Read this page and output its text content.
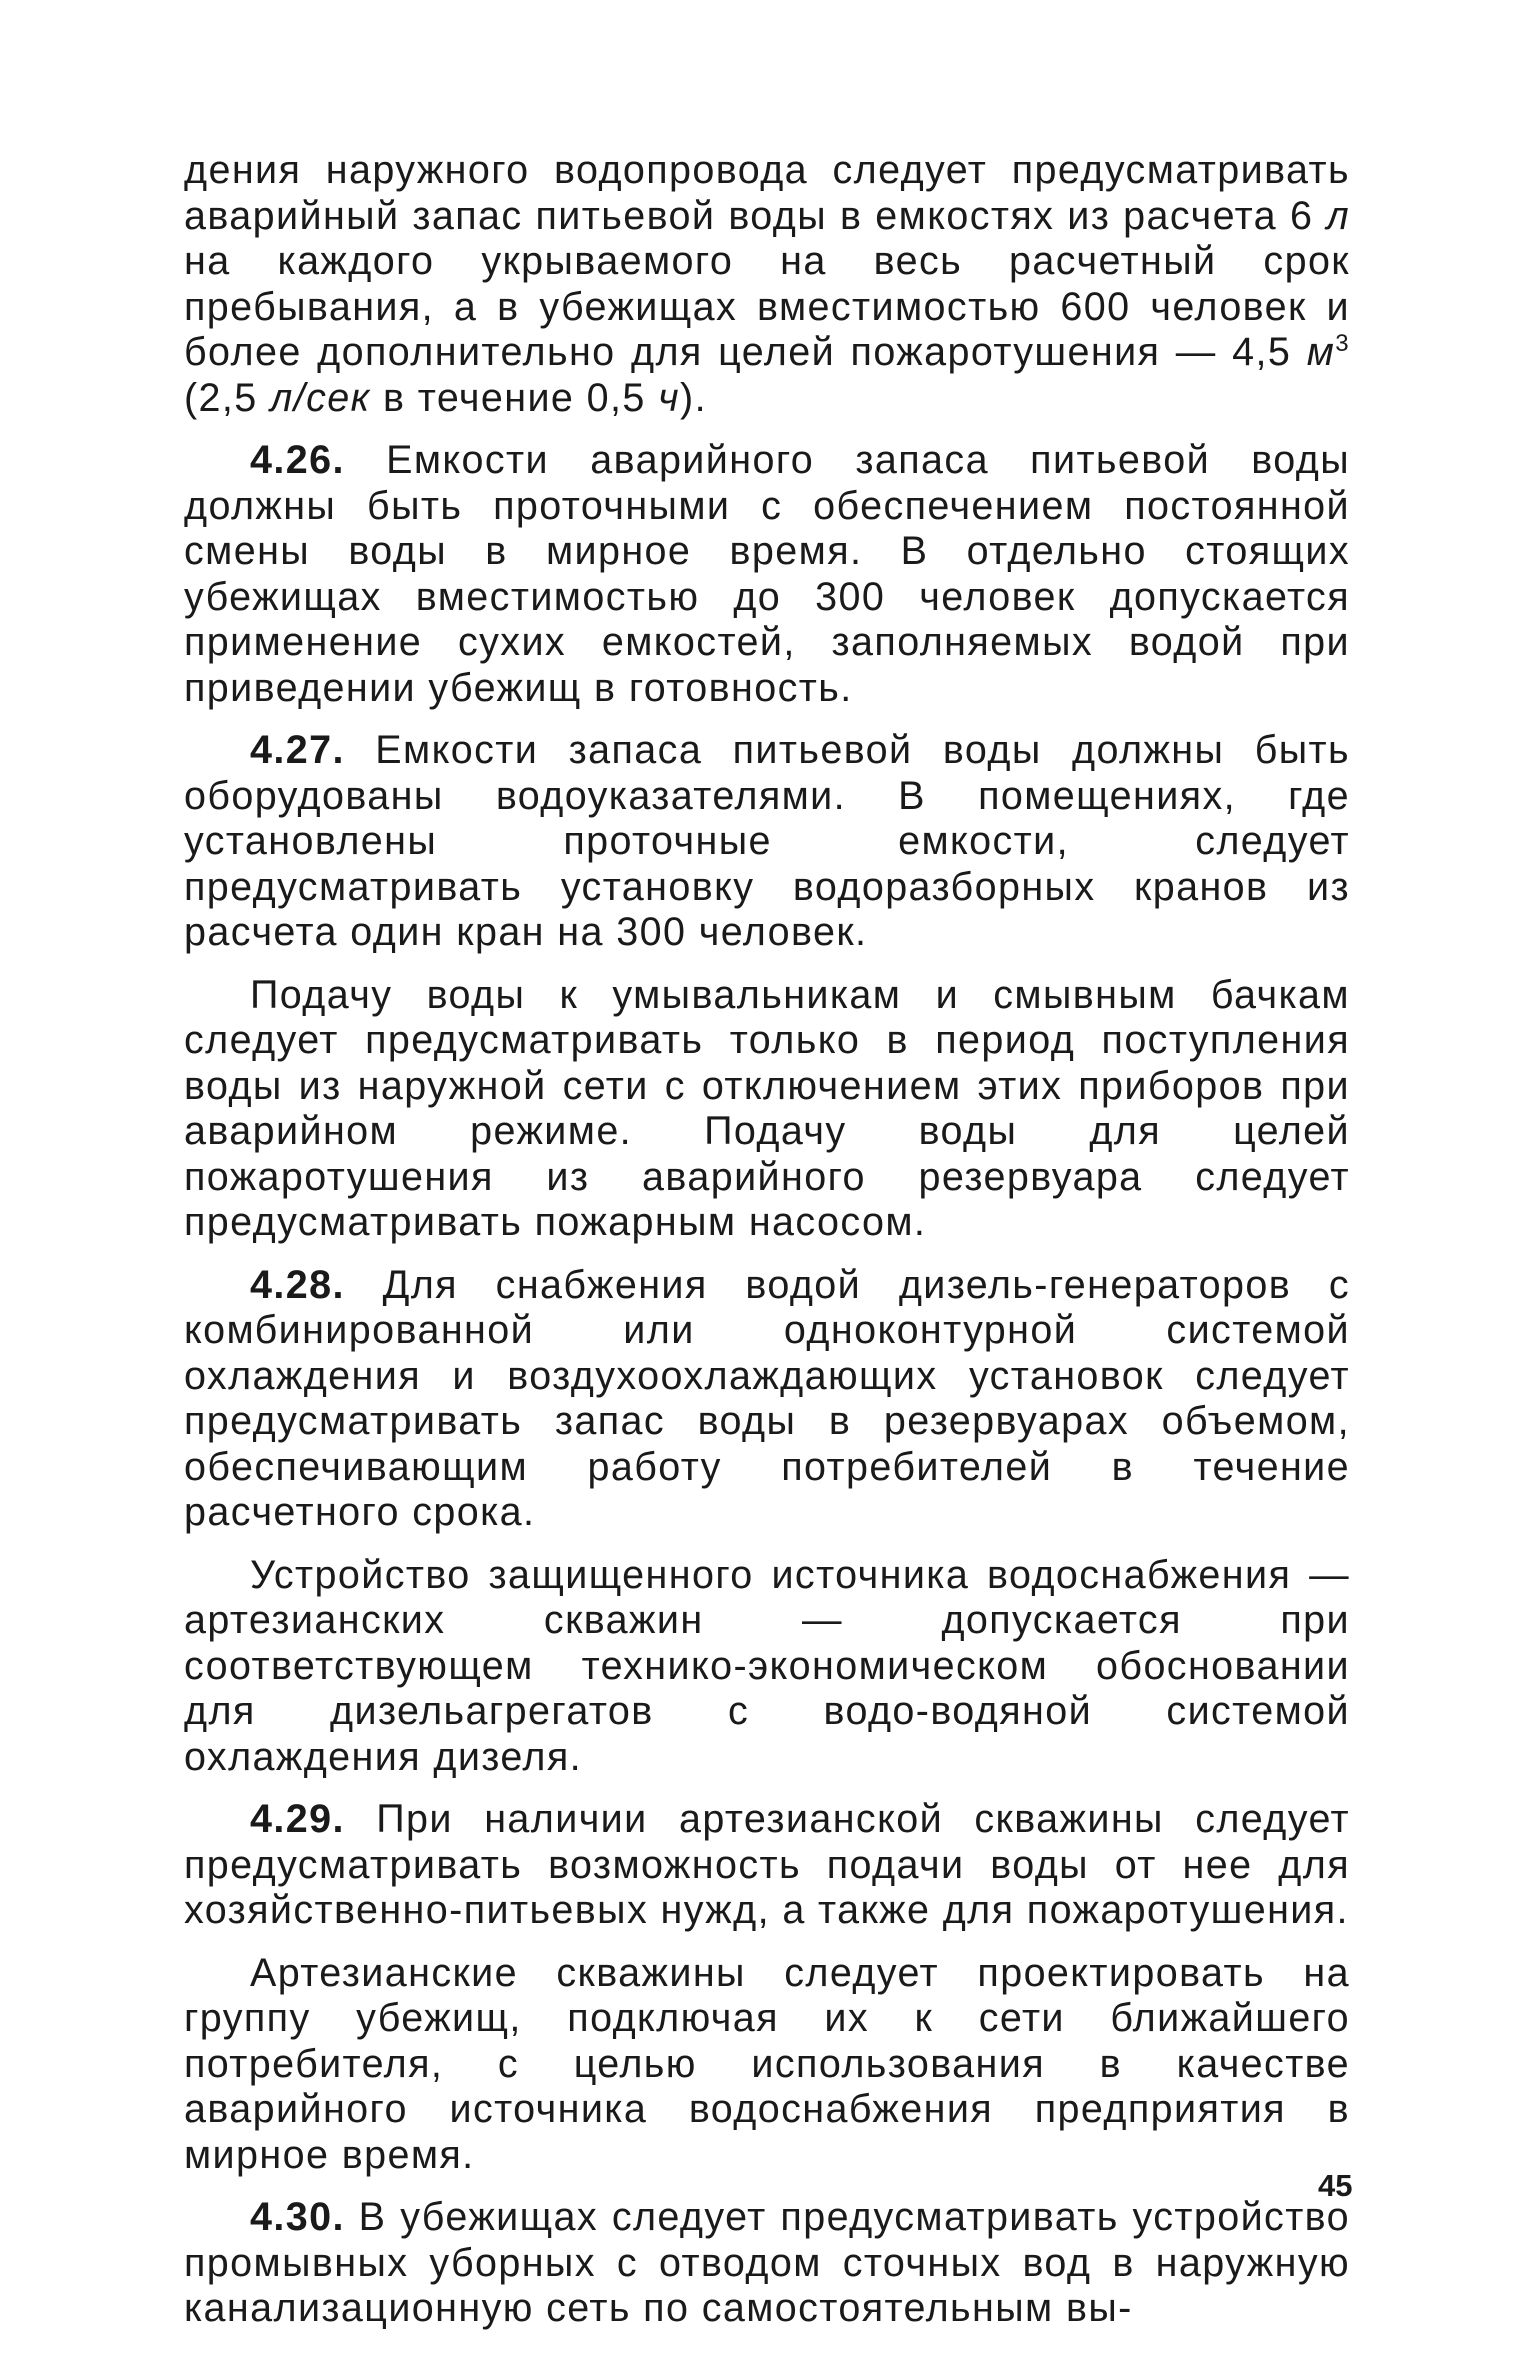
дения наружного водопровода следует предусматривать аварийный запас питьевой воды в емкостях из расчета 6 л на каждого укрываемого на весь расчетный срок пребывания, а в убежищах вместимостью 600 человек и более дополнительно для целей пожаротушения — 4,5 $м^3$ (2,5 л/сек в течение 0,5 ч).

4.26. Емкости аварийного запаса питьевой воды должны быть проточными с обеспечением постоянной смены воды в мирное время. В отдельно стоящих убежищах вместимостью до 300 человек допускается применение сухих емкостей, заполняемых водой при приведении убежищ в готовность.

4.27. Емкости запаса питьевой воды должны быть оборудованы водоуказателями. В помещениях, где установлены проточные емкости, следует предусматривать установку водоразборных кранов из расчета один кран на 300 человек.

Подачу воды к умывальникам и смывным бачкам следует предусматривать только в период поступления воды из наружной сети с отключением этих приборов при аварийном режиме. Подачу воды для целей пожаротушения из аварийного резервуара следует предусматривать пожарным насосом.

4.28. Для снабжения водой дизель-генераторов с комбинированной или одноконтурной системой охлаждения и воздухоохлаждающих установок следует предусматривать запас воды в резервуарах объемом, обеспечивающим работу потребителей в течение расчетного срока.

Устройство защищенного источника водоснабжения — артезианских скважин — допускается при соответствующем технико-экономическом обосновании для дизельагрегатов с водо-водяной системой охлаждения дизеля.

4.29. При наличии артезианской скважины следует предусматривать возможность подачи воды от нее для хозяйственно-питьевых нужд, а также для пожаротушения.

Артезианские скважины следует проектировать на группу убежищ, подключая их к сети ближайшего потребителя, с целью использования в качестве аварийного источника водоснабжения предприятия в мирное время.

4.30. В убежищах следует предусматривать устройство промывных уборных с отводом сточных вод в наружную канализационную сеть по самостоятельным вы-

45
